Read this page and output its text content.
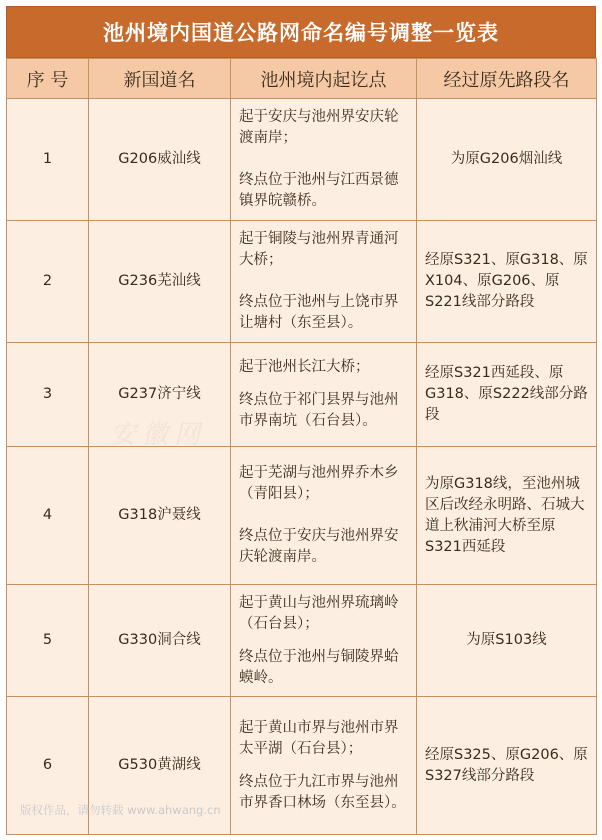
池州境内国道公路网命名编号调整一览表
序 号	新国道名	池州境内起讫点	经过原先路段名
1	G206威汕线	起于安庆与池州界安庆轮渡南岸；
终点位于池州与江西景德镇界皖赣桥。	为原G206烟汕线
2	G236芜汕线	起于铜陵与池州界青通河大桥；
终点位于池州与上饶市界让塘村（东至县）。	经原S321、原G318、原X104、原G206、原S221线部分路段
3	G237济宁线	起于池州长江大桥；
终点位于祁门县界与池州市界南坑（石台县）。	经原S321西延段、原G318、原S222线部分路段
4	G318沪聂线	起于芜湖与池州界乔木乡（青阳县）；
终点位于安庆与池州界安庆轮渡南岸。	为原G318线，至池州城区后改经永明路、石城大道上秋浦河大桥至原S321西延段
5	G330洞合线	起于黄山与池州界琉璃岭（石台县）；
终点位于池州与铜陵界蛤蟆岭。	为原S103线
6	G530黄湖线	起于黄山市界与池州市界太平湖（石台县）；
终点位于九江市界与池州市界香口林场（东至县）。	经原S325、原G206、原S327线部分路段
安徽网
版权作品，请勿转载 www.ahwang.cn
